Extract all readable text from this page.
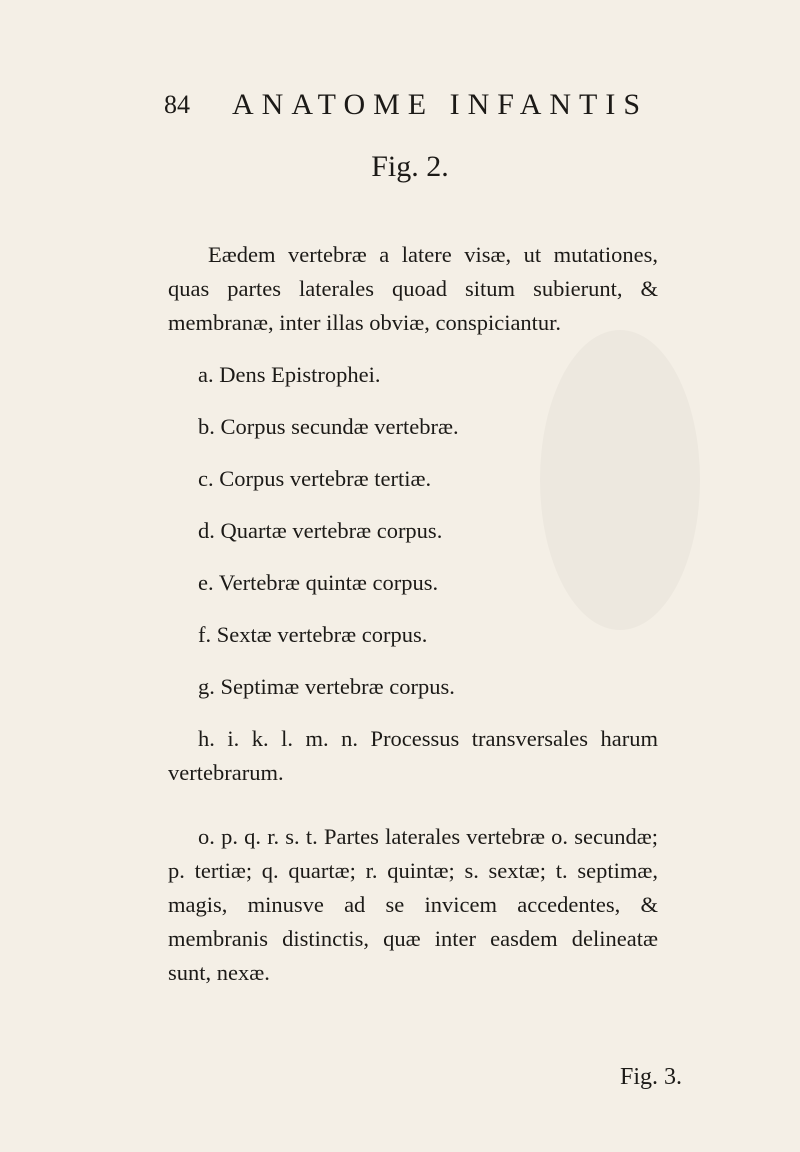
84 ANATOME INFANTIS
Fig. 2.

Eædem vertebræ a latere visæ, ut mutationes, quas partes laterales quoad situm subierunt, & membranæ, inter illas obviæ, conspiciantur.

a. Dens Epistrophei.

b. Corpus secundæ vertebræ.

c. Corpus vertebræ tertiæ.

d. Quartæ vertebræ corpus.

e. Vertebræ quintæ corpus.

f. Sextæ vertebræ corpus.

g. Septimæ vertebræ corpus.

h. i. k. l. m. n. Processus transversales harum vertebrarum.

o. p. q. r. s. t. Partes laterales vertebræ o. secundæ; p. tertiæ; q. quartæ; r. quintæ; s. sextæ; t. septimæ, magis, minusve ad se invicem accedentes, & membranis distinctis, quæ inter easdem delineatæ sunt, nexæ.

Fig. 3.
